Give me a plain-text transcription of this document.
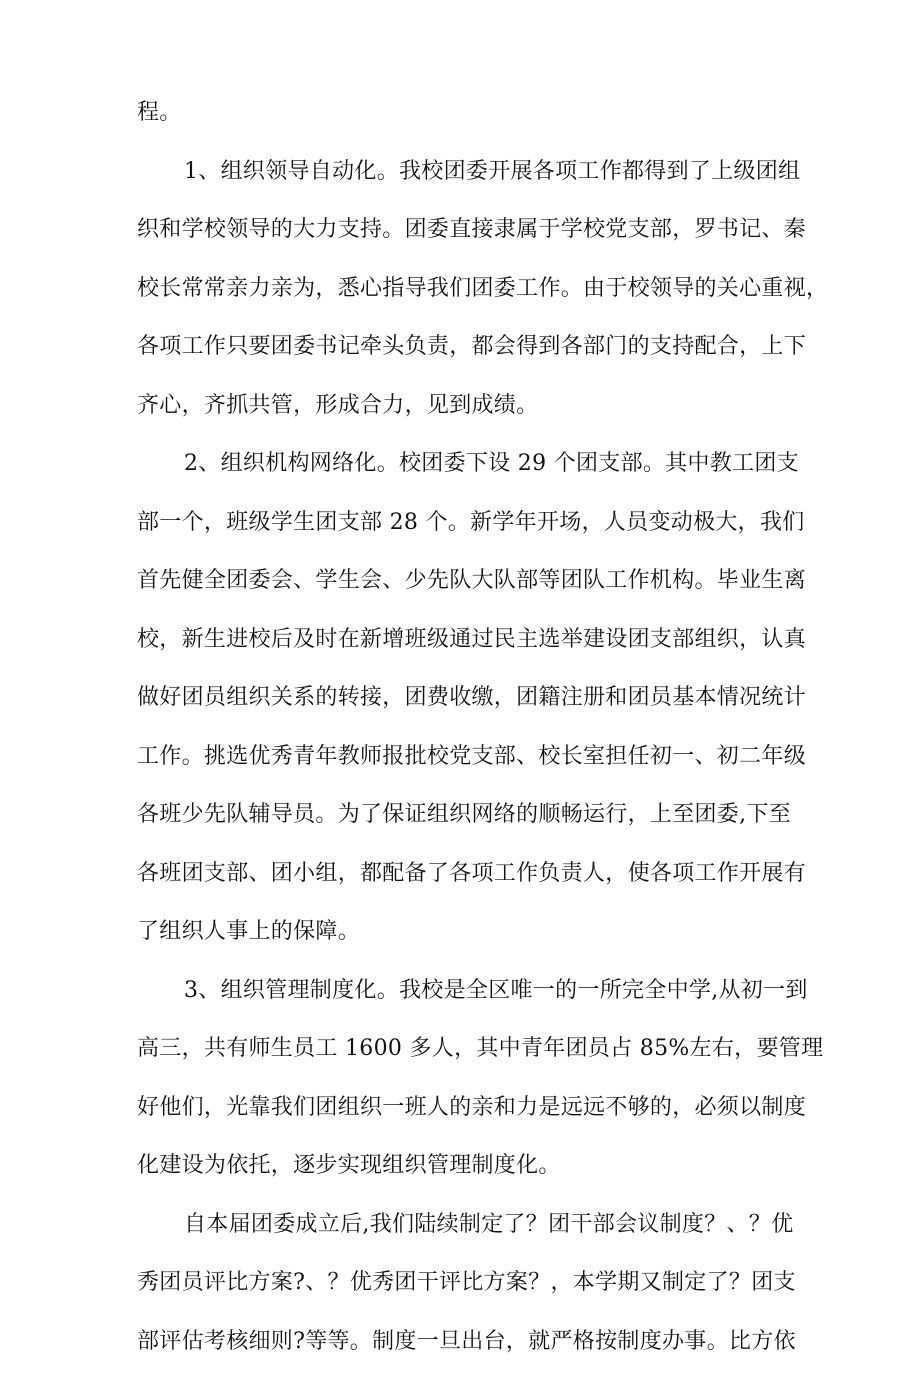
程。
1、组织领导自动化。我校团委开展各项工作都得到了上级团组
织和学校领导的大力支持。团委直接隶属于学校党支部，罗书记、秦
校长常常亲力亲为，悉心指导我们团委工作。由于校领导的关心重视，
各项工作只要团委书记牵头负责，都会得到各部门的支持配合，上下
齐心，齐抓共管，形成合力，见到成绩。
2、组织机构网络化。校团委下设 29 个团支部。其中教工团支
部一个，班级学生团支部 28 个。新学年开场，人员变动极大，我们
首先健全团委会、学生会、少先队大队部等团队工作机构。毕业生离
校，新生进校后及时在新增班级通过民主选举建设团支部组织，认真
做好团员组织关系的转接，团费收缴，团籍注册和团员基本情况统计
工作。挑选优秀青年教师报批校党支部、校长室担任初一、初二年级
各班少先队辅导员。为了保证组织网络的顺畅运行，上至团委,下至
各班团支部、团小组，都配备了各项工作负责人，使各项工作开展有
了组织人事上的保障。
3、组织管理制度化。我校是全区唯一的一所完全中学,从初一到
高三，共有师生员工 1600 多人，其中青年团员占 85%左右，要管理
好他们，光靠我们团组织一班人的亲和力是远远不够的，必须以制度
化建设为依托，逐步实现组织管理制度化。
自本届团委成立后,我们陆续制定了？团干部会议制度？、？优
秀团员评比方案?、？优秀团干评比方案？，本学期又制定了？团支
部评估考核细则?等等。制度一旦出台，就严格按制度办事。比方依
